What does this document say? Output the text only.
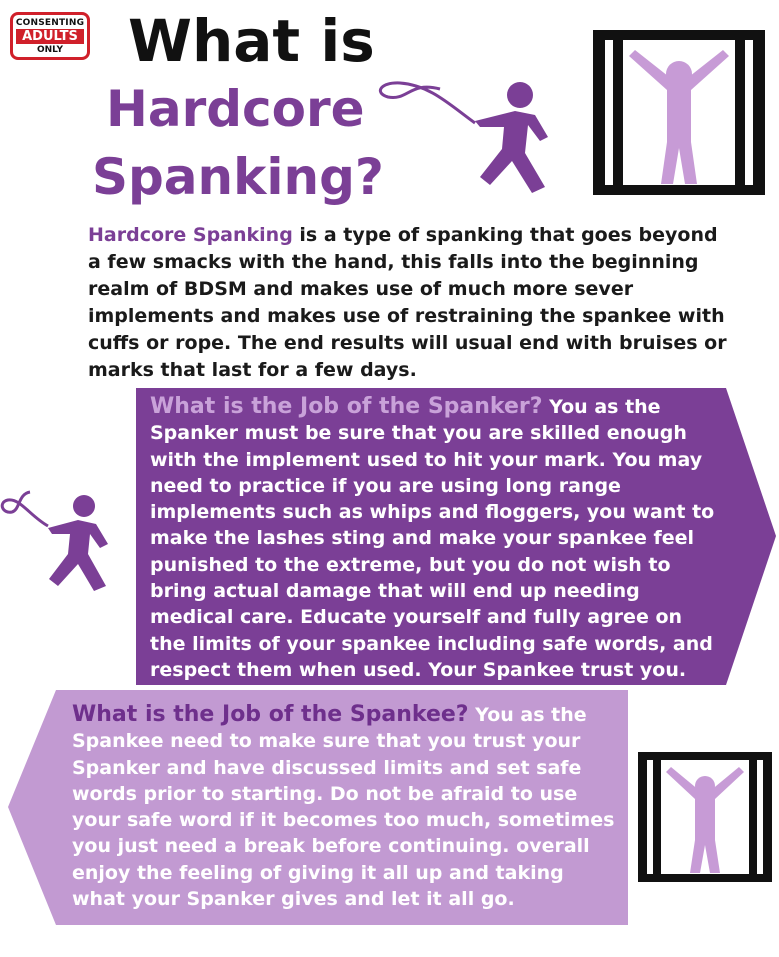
CONSENTING
ADULTS
ONLY	What is
Hardcore
Spanking?
Hardcore Spanking is a type of spanking that goes beyond a few smacks with the hand, this falls into the beginning realm of BDSM and makes use of much more sever implements and makes use of restraining the spankee with cuffs or rope. The end results will usual end with bruises or marks that last for a few days.
What is the Job of the Spanker? You as the Spanker must be sure that you are skilled enough with the implement used to hit your mark. You may need to practice if you are using long range implements such as whips and floggers, you want to make the lashes sting and make your spankee feel punished to the extreme, but you do not wish to bring actual damage that will end up needing medical care. Educate yourself and fully agree on the limits of your spankee including safe words, and respect them when used. Your Spankee trust you.
What is the Job of the Spankee? You as the Spankee need to make sure that you trust your Spanker and have discussed limits and set safe words prior to starting. Do not be afraid to use your safe word if it becomes too much, sometimes you just need a break before continuing. overall enjoy the feeling of giving it all up and taking what your Spanker gives and let it all go.
